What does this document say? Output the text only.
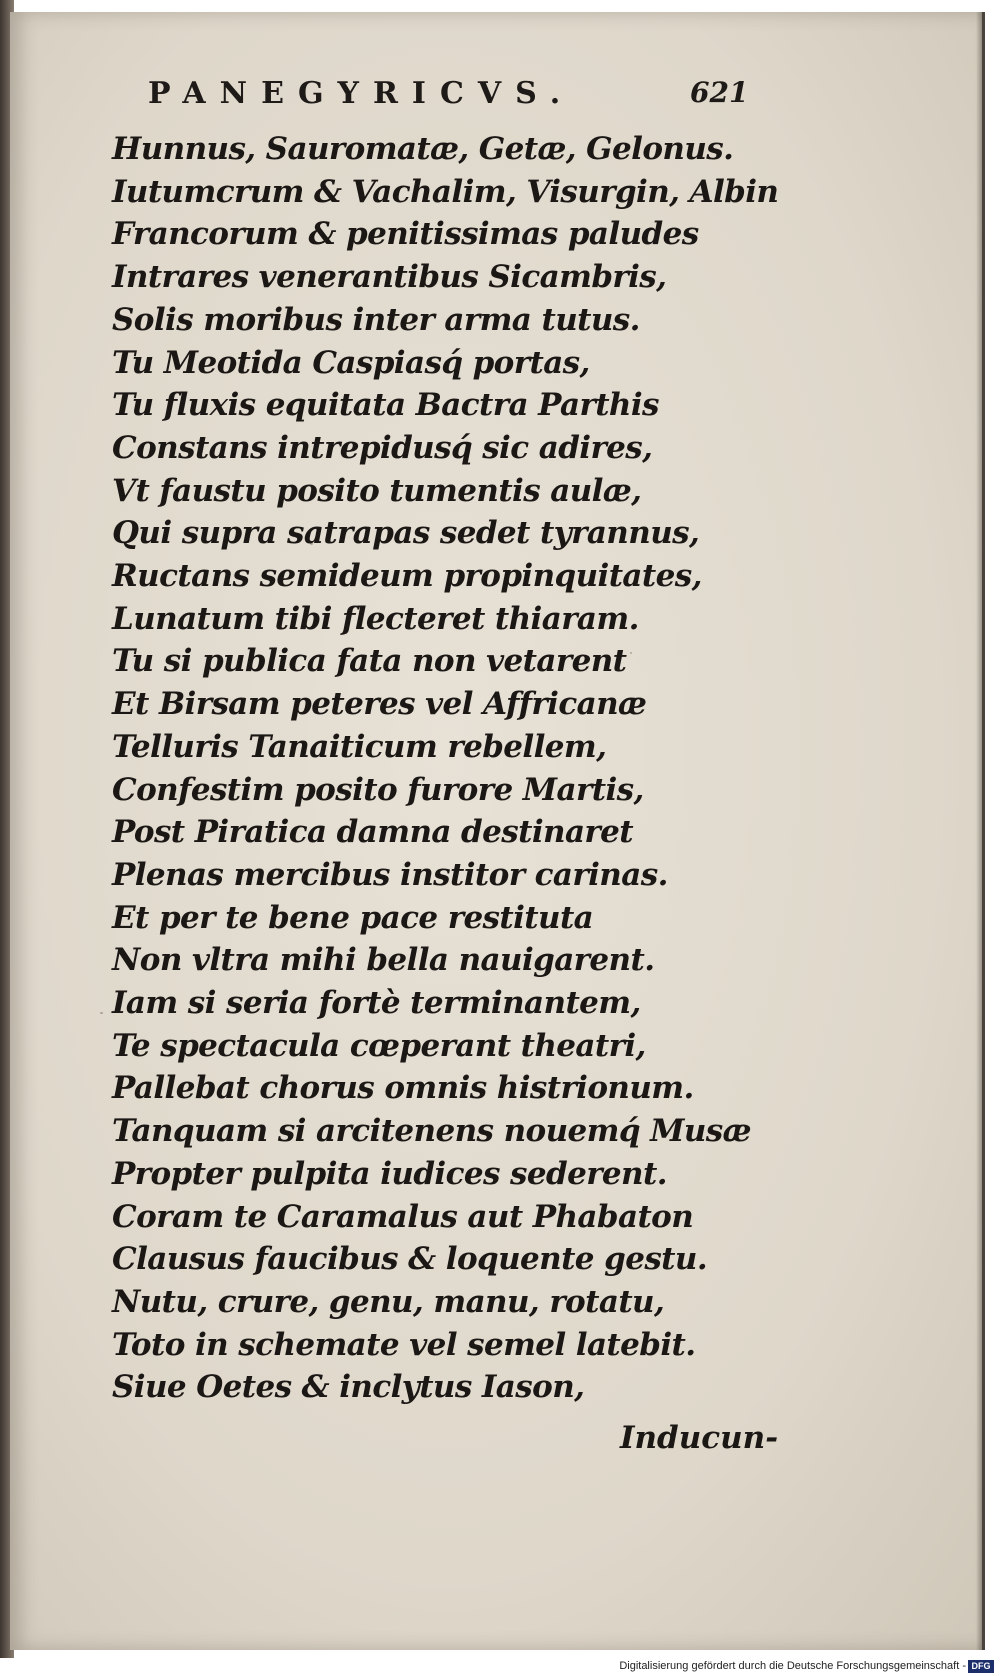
PANEGYRICVS.	621
Hunnus, Sauromatæ, Getæ, Gelonus.
Iutumcrum & Vachalim, Visurgin, Albin
Francorum & penitissimas paludes
Intrares venerantibus Sicambris,
Solis moribus inter arma tutus.
Tu Meotida Caspiasq́ portas,
Tu fluxis equitata Bactra Parthis
Constans intrepidusq́ sic adires,
Vt faustu posito tumentis aulæ,
Qui supra satrapas sedet tyrannus,
Ructans semideum propinquitates,
Lunatum tibi flecteret thiaram.
Tu si publica fata non vetarent
Et Birsam peteres vel Affricanæ
Telluris Tanaiticum rebellem,
Confestim posito furore Martis,
Post Piratica damna destinaret
Plenas mercibus institor carinas.
Et per te bene pace restituta
Non vltra mihi bella nauigarent.
Iam si seria fortè terminantem,
Te spectacula cœperant theatri,
Pallebat chorus omnis histrionum.
Tanquam si arcitenens nouemq́ Musæ
Propter pulpita iudices sederent.
Coram te Caramalus aut Phabaton
Clausus faucibus & loquente gestu.
Nutu, crure, genu, manu, rotatu,
Toto in schemate vel semel latebit.
Siue Oetes & inclytus Iason,
Inducun-
Digitalisierung gefördert durch die Deutsche Forschungsgemeinschaft - DFG
